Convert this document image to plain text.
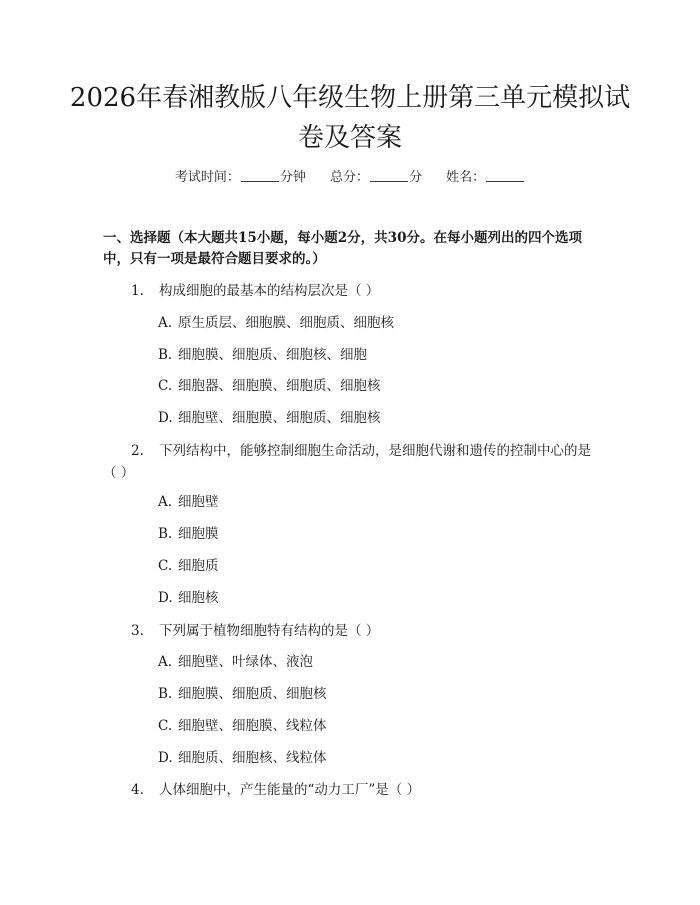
2026年春湘教版八年级生物上册第三单元模拟试卷及答案
考试时间：	分钟 总分：	分 姓名：
一、选择题（本大题共15小题，每小题2分，共30分。在每小题列出的四个选项中，只有一项是最符合题目要求的。）
1. 构成细胞的最基本的结构层次是（ ）
A. 原生质层、细胞膜、细胞质、细胞核
B. 细胞膜、细胞质、细胞核、细胞
C. 细胞器、细胞膜、细胞质、细胞核
D. 细胞壁、细胞膜、细胞质、细胞核
2. 下列结构中，能够控制细胞生命活动，是细胞代谢和遗传的控制中心的是（ ）
A. 细胞壁
B. 细胞膜
C. 细胞质
D. 细胞核
3. 下列属于植物细胞特有结构的是（ ）
A. 细胞壁、叶绿体、液泡
B. 细胞膜、细胞质、细胞核
C. 细胞壁、细胞膜、线粒体
D. 细胞质、细胞核、线粒体
4. 人体细胞中，产生能量的“动力工厂”是（ ）
